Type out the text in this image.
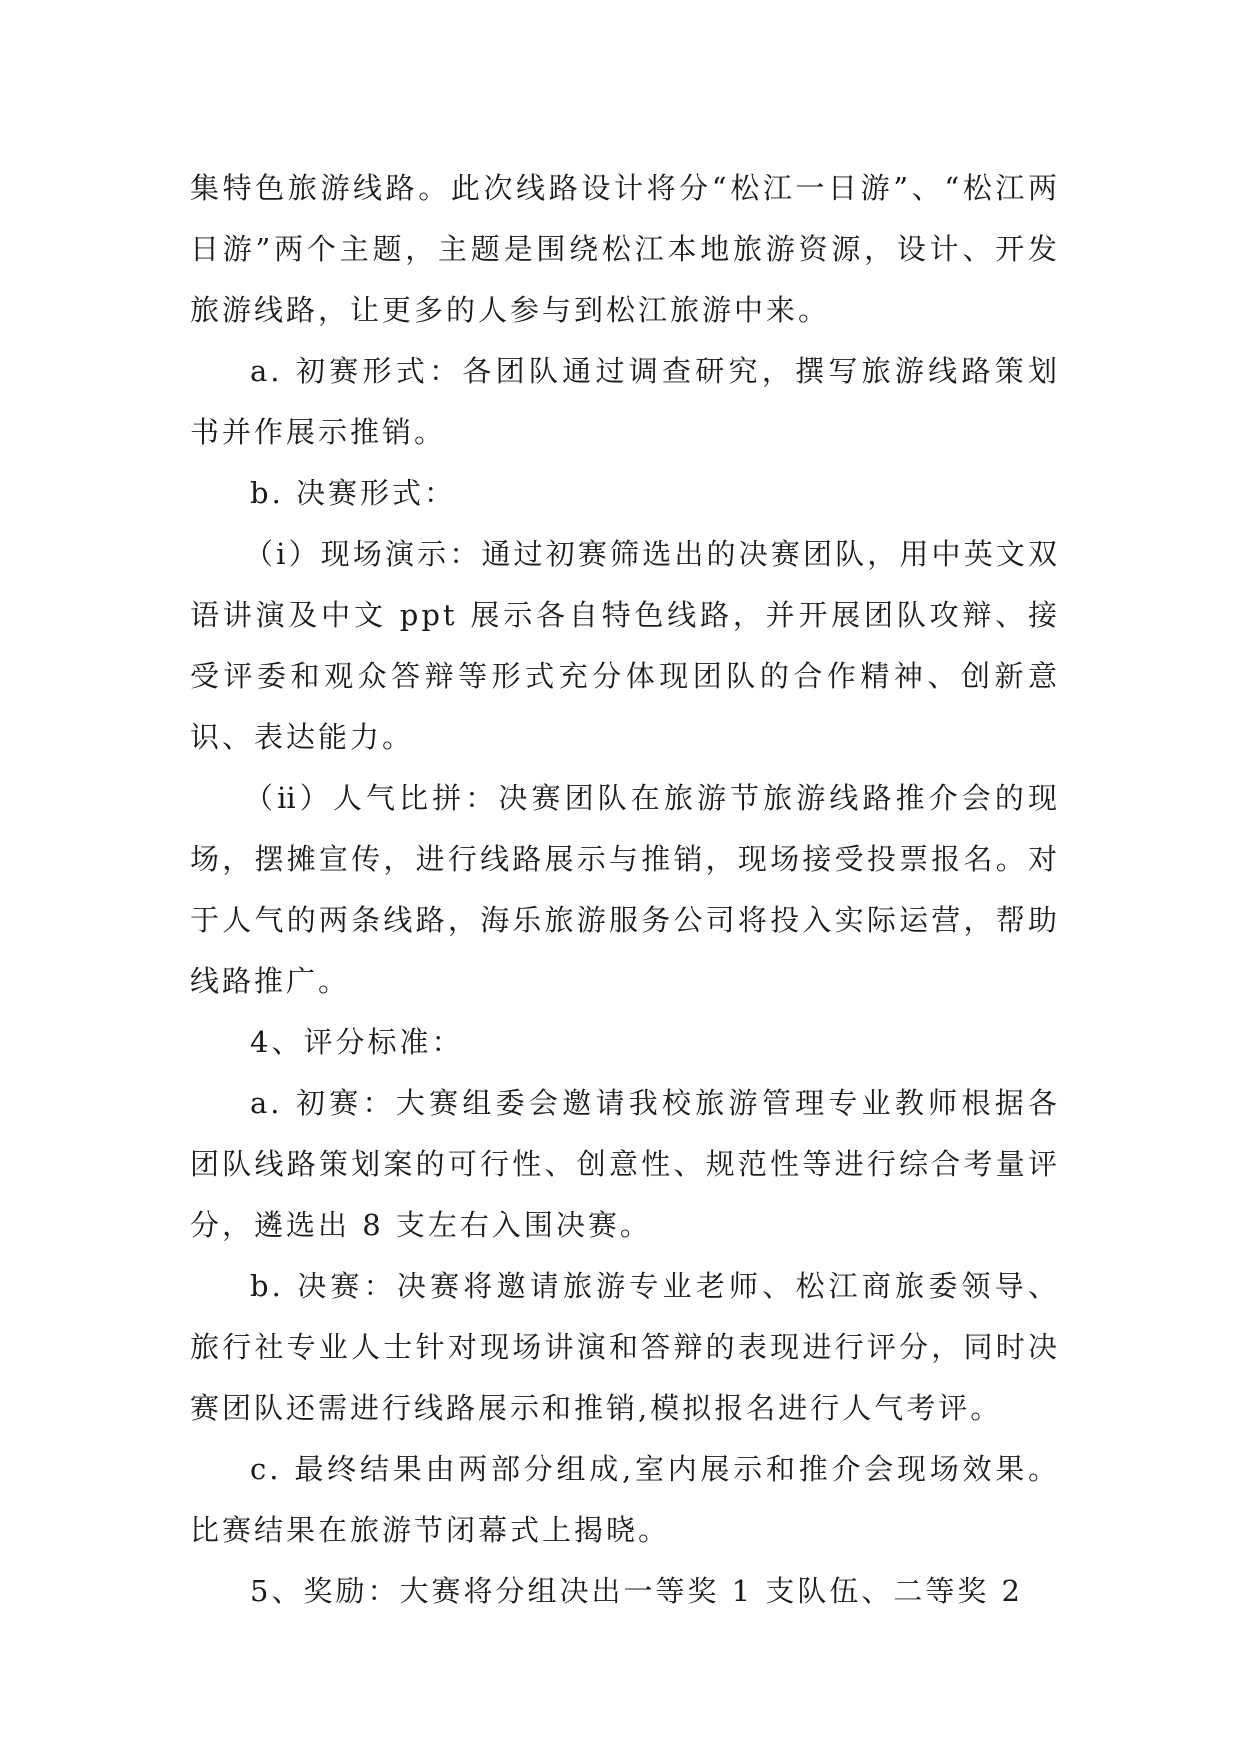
集特色旅游线路。此次线路设计将分“松江一日游”、“松江两日游”两个主题，主题是围绕松江本地旅游资源，设计、开发旅游线路，让更多的人参与到松江旅游中来。

a. 初赛形式：各团队通过调查研究，撰写旅游线路策划书并作展示推销。

b. 决赛形式：

（ⅰ）现场演示：通过初赛筛选出的决赛团队，用中英文双语讲演及中文 ppt 展示各自特色线路，并开展团队攻辩、接受评委和观众答辩等形式充分体现团队的合作精神、创新意识、表达能力。

（ⅱ）人气比拼：决赛团队在旅游节旅游线路推介会的现场，摆摊宣传，进行线路展示与推销，现场接受投票报名。对于人气的两条线路，海乐旅游服务公司将投入实际运营，帮助线路推广。

4、评分标准：

a. 初赛：大赛组委会邀请我校旅游管理专业教师根据各团队线路策划案的可行性、创意性、规范性等进行综合考量评分，遴选出 8 支左右入围决赛。

b. 决赛：决赛将邀请旅游专业老师、松江商旅委领导、旅行社专业人士针对现场讲演和答辩的表现进行评分，同时决赛团队还需进行线路展示和推销,模拟报名进行人气考评。

c. 最终结果由两部分组成,室内展示和推介会现场效果。比赛结果在旅游节闭幕式上揭晓。

5、奖励：大赛将分组决出一等奖 1 支队伍、二等奖 2
